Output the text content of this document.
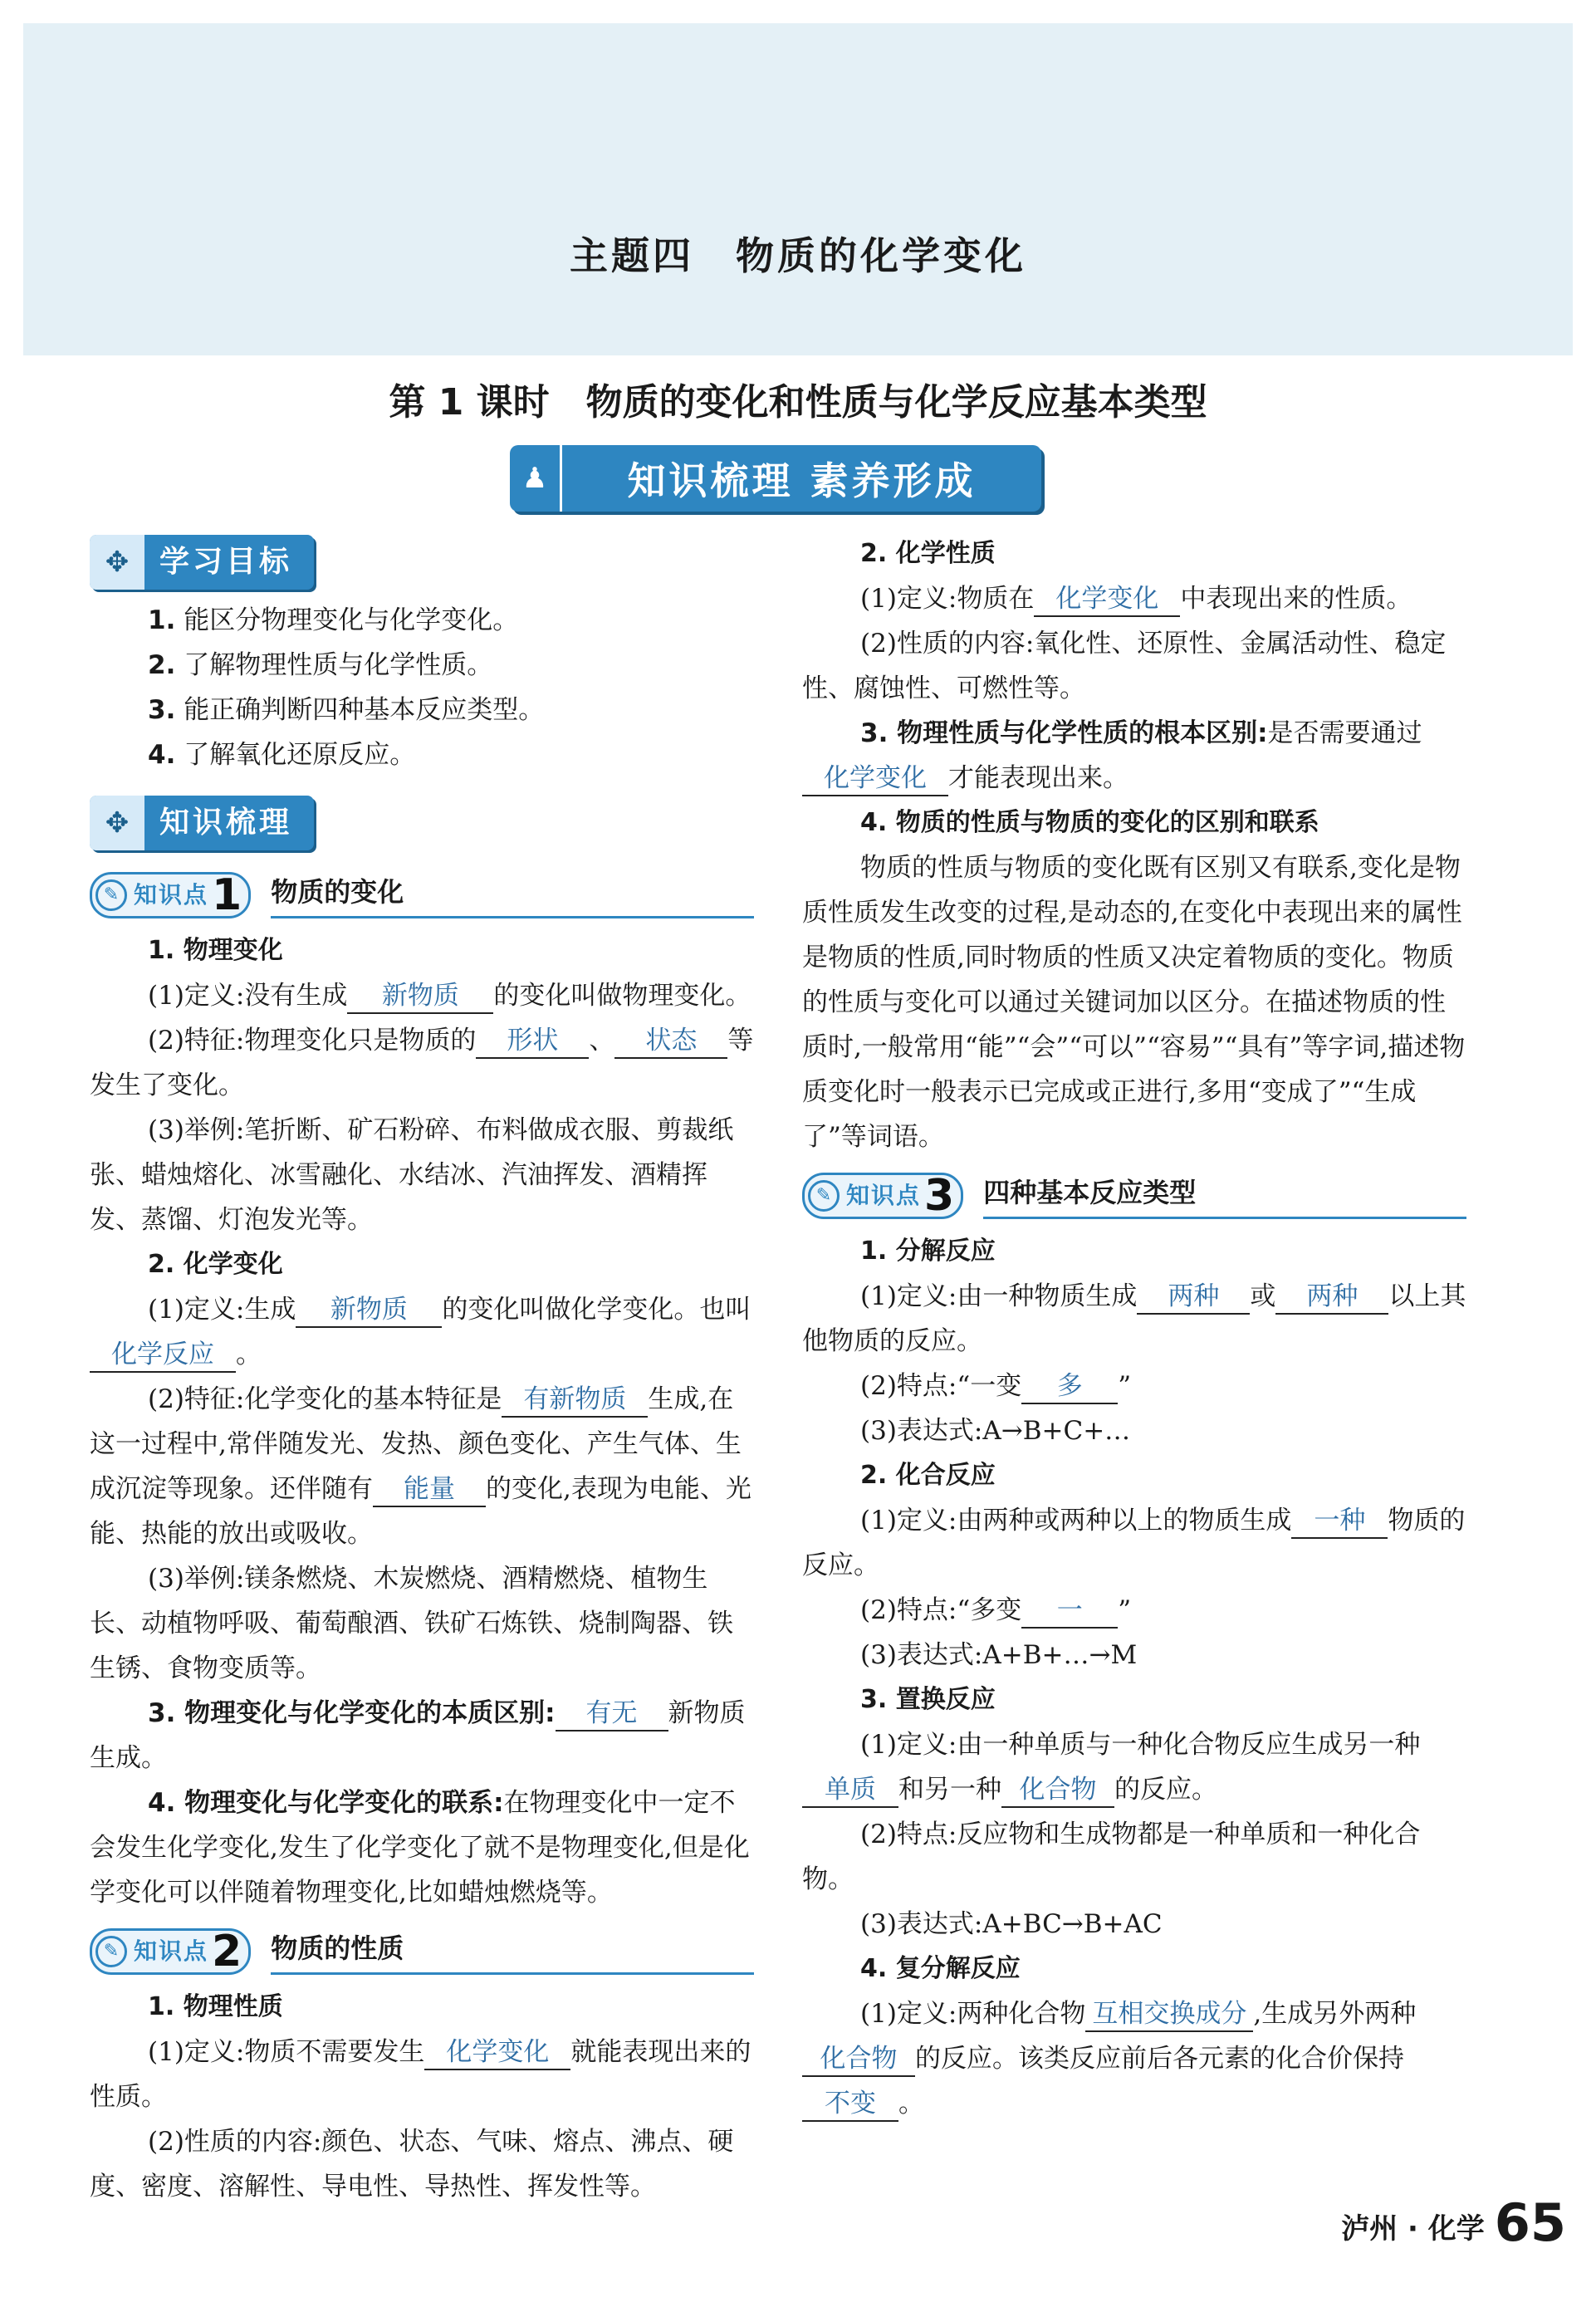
主题四　物质的化学变化
第 1 课时　物质的变化和性质与化学反应基本类型
♟	知识梳理 素养形成
✥	学习目标

1. 能区分物理变化与化学变化。

2. 了解物理性质与化学性质。

3. 能正确判断四种基本反应类型。

4. 了解氧化还原反应。

✥	知识梳理
✎ 知识点 1 物质的变化

1. 物理变化

(1)定义:没有生成 新物质 的变化叫做物理变化。

(2)特征:物理变化只是物质的 形状 、 状态 等发生了变化。

(3)举例:笔折断、矿石粉碎、布料做成衣服、剪裁纸张、蜡烛熔化、冰雪融化、水结冰、汽油挥发、酒精挥发、蒸馏、灯泡发光等。

2. 化学变化

(1)定义:生成 新物质 的变化叫做化学变化。也叫化学反应 。

(2)特征:化学变化的基本特征是 有新物质 生成,在这一过程中,常伴随发光、发热、颜色变化、产生气体、生成沉淀等现象。还伴随有 能量 的变化,表现为电能、光能、热能的放出或吸收。

(3)举例:镁条燃烧、木炭燃烧、酒精燃烧、植物生长、动植物呼吸、葡萄酿酒、铁矿石炼铁、烧制陶器、铁生锈、食物变质等。

3. 物理变化与化学变化的本质区别: 有无 新物质生成。

4. 物理变化与化学变化的联系:在物理变化中一定不会发生化学变化,发生了化学变化了就不是物理变化,但是化学变化可以伴随着物理变化,比如蜡烛燃烧等。

✎ 知识点 2 物质的性质

1. 物理性质

(1)定义:物质不需要发生 化学变化 就能表现出来的性质。

(2)性质的内容:颜色、状态、气味、熔点、沸点、硬度、密度、溶解性、导电性、导热性、挥发性等。

2. 化学性质

(1)定义:物质在 化学变化 中表现出来的性质。

(2)性质的内容:氧化性、还原性、金属活动性、稳定性、腐蚀性、可燃性等。

3. 物理性质与化学性质的根本区别:是否需要通过化学变化 才能表现出来。

4. 物质的性质与物质的变化的区别和联系

物质的性质与物质的变化既有区别又有联系,变化是物质性质发生改变的过程,是动态的,在变化中表现出来的属性是物质的性质,同时物质的性质又决定着物质的变化。物质的性质与变化可以通过关键词加以区分。在描述物质的性质时,一般常用“能”“会”“可以”“容易”“具有”等字词,描述物质变化时一般表示已完成或正进行,多用“变成了”“生成了”等词语。

✎ 知识点 3 四种基本反应类型

1. 分解反应

(1)定义:由一种物质生成 两种 或 两种 以上其他物质的反应。

(2)特点:“一变 多 ”

(3)表达式:A→B+C+…

2. 化合反应

(1)定义:由两种或两种以上的物质生成 一种 物质的反应。

(2)特点:“多变 一 ”

(3)表达式:A+B+…→M

3. 置换反应

(1)定义:由一种单质与一种化合物反应生成另一种单质 和另一种 化合物 的反应。

(2)特点:反应物和生成物都是一种单质和一种化合物。

(3)表达式:A+BC→B+AC

4. 复分解反应

(1)定义:两种化合物 互相交换成分 ,生成另外两种化合物 的反应。该类反应前后各元素的化合价保持不变 。

泸州 · 化学 65
